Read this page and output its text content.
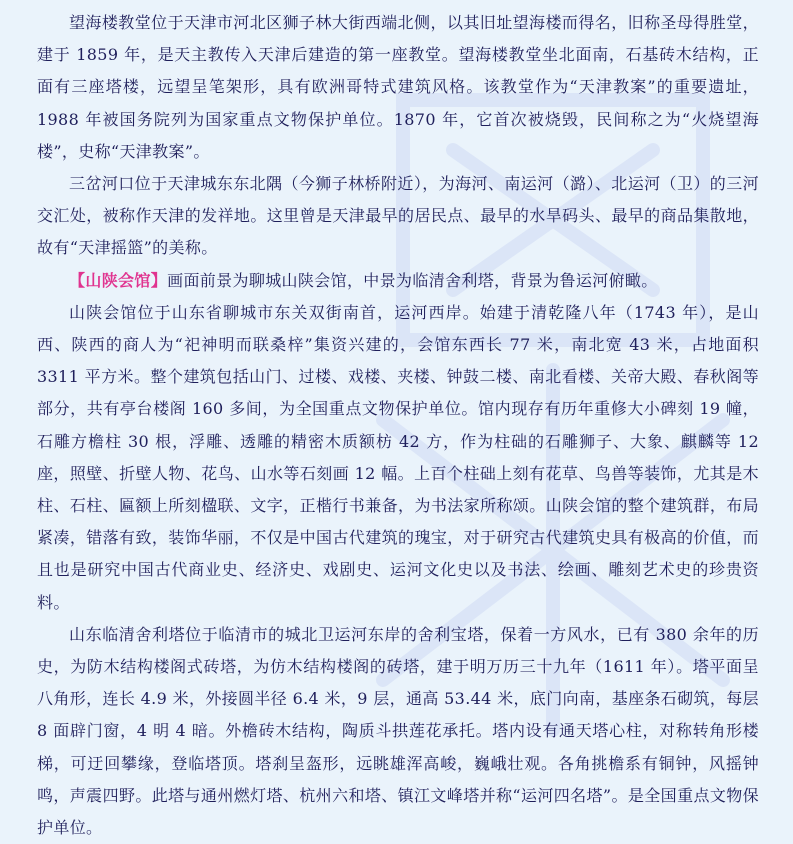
望海楼教堂位于天津市河北区狮子林大街西端北侧，以其旧址望海楼而得名，旧称圣母得胜堂，建于 1859 年，是天主教传入天津后建造的第一座教堂。望海楼教堂坐北面南，石基砖木结构，正面有三座塔楼，远望呈笔架形，具有欧洲哥特式建筑风格。该教堂作为“天津教案”的重要遗址，1988 年被国务院列为国家重点文物保护单位。1870 年，它首次被烧毁，民间称之为“火烧望海楼”，史称“天津教案”。

三岔河口位于天津城东东北隅（今狮子林桥附近），为海河、南运河（潞）、北运河（卫）的三河交汇处，被称作天津的发祥地。这里曾是天津最早的居民点、最早的水旱码头、最早的商品集散地，故有“天津摇篮”的美称。

【山陕会馆】画面前景为聊城山陕会馆，中景为临清舍利塔，背景为鲁运河俯瞰。

山陕会馆位于山东省聊城市东关双街南首，运河西岸。始建于清乾隆八年（1743 年），是山西、陕西的商人为“祀神明而联桑梓”集资兴建的，会馆东西长 77 米，南北宽 43 米，占地面积 3311 平方米。整个建筑包括山门、过楼、戏楼、夹楼、钟鼓二楼、南北看楼、关帝大殿、春秋阁等部分，共有亭台楼阁 160 多间，为全国重点文物保护单位。馆内现存有历年重修大小碑刻 19 幢，石雕方檐柱 30 根，浮雕、透雕的精密木质额枋 42 方，作为柱础的石雕狮子、大象、麒麟等 12 座，照壁、折壁人物、花鸟、山水等石刻画 12 幅。上百个柱础上刻有花草、鸟兽等装饰，尤其是木柱、石柱、匾额上所刻楹联、文字，正楷行书兼备，为书法家所称颂。山陕会馆的整个建筑群，布局紧凑，错落有致，装饰华丽，不仅是中国古代建筑的瑰宝，对于研究古代建筑史具有极高的价值，而且也是研究中国古代商业史、经济史、戏剧史、运河文化史以及书法、绘画、雕刻艺术史的珍贵资料。

山东临清舍利塔位于临清市的城北卫运河东岸的舍利宝塔，保着一方风水，已有 380 余年的历史，为防木结构楼阁式砖塔，为仿木结构楼阁的砖塔，建于明万历三十九年（1611 年）。塔平面呈八角形，连长 4.9 米，外接圆半径 6.4 米，9 层，通高 53.44 米，底门向南，基座条石砌筑，每层 8 面辟门窗，4 明 4 暗。外檐砖木结构，陶质斗拱莲花承托。塔内设有通天塔心柱，对称转角形楼梯，可迂回攀缘，登临塔顶。塔刹呈盔形，远眺雄浑高峻，巍峨壮观。各角挑檐系有铜钟，风摇钟鸣，声震四野。此塔与通州燃灯塔、杭州六和塔、镇江文峰塔并称“运河四名塔”。是全国重点文物保护单位。
